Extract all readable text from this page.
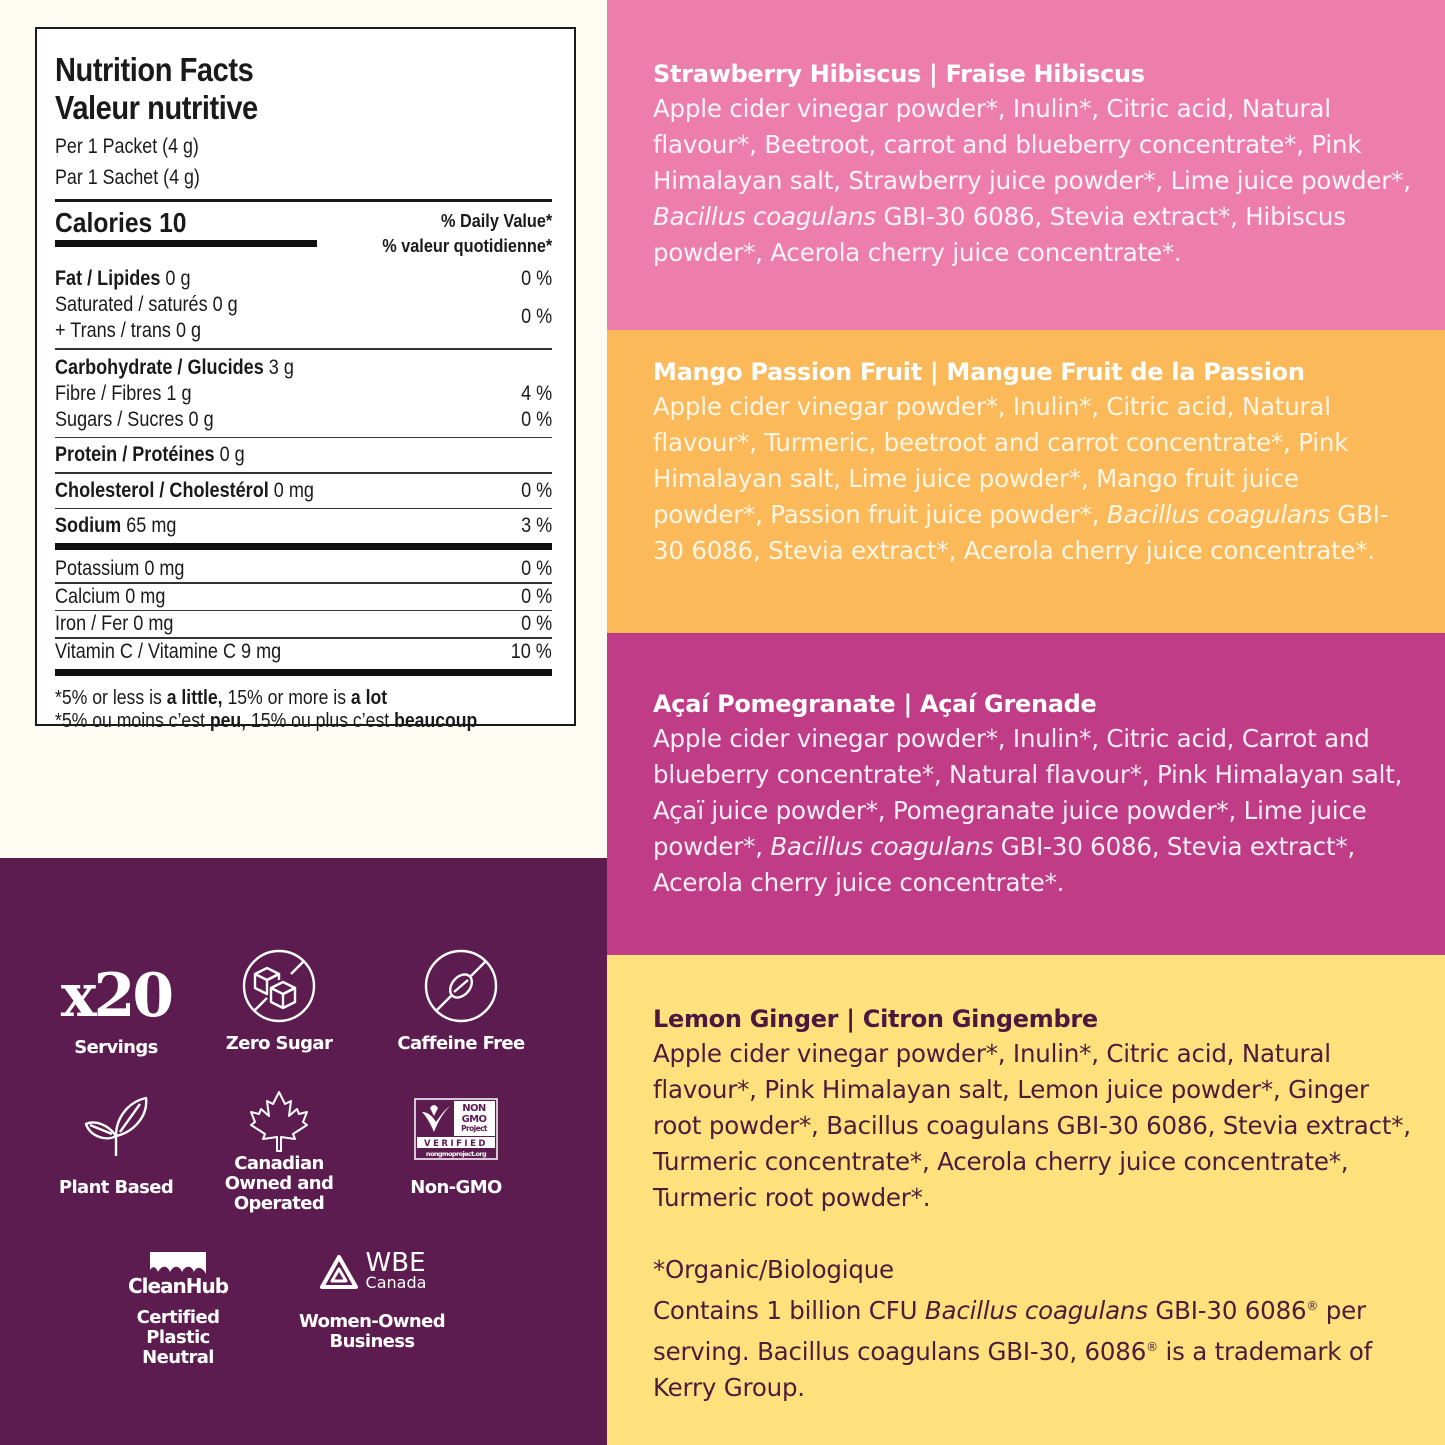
Nutrition Facts
Valeur nutritive
Per 1 Packet (4 g)
Par 1 Sachet (4 g)
Calories 10	% Daily Value*
% valeur quotidienne*
Fat / Lipides 0 g	0 %
Saturated / saturés 0 g
+ Trans / trans 0 g
0 %
Carbohydrate / Glucides 3 g
Fibre / Fibres 1 g	4 %
Sugars / Sucres 0 g	0 %
Protein / Protéines 0 g
Cholesterol / Cholestérol 0 mg	0 %
Sodium 65 mg	3 %
Potassium 0 mg	0 %
Calcium 0 mg	0 %
Iron / Fer 0 mg	0 %
Vitamin C / Vitamine C 9 mg	10 %
*5% or less is a little, 15% or more is a lot
*5% ou moins c’est peu, 15% ou plus c’est beaucoup
x20
Servings	Zero Sugar	Caffeine Free
Plant Based
Canadian
Owned and
Operated
NON
GMO
Project
VERIFIED
nongmoproject.org
Non-GMO
CleanHub
Certified
Plastic Neutral
WBE
Canada
Women-Owned
Business
Strawberry Hibiscus | Fraise Hibiscus

Apple cider vinegar powder*, Inulin*, Citric acid, Natural flavour*, Beetroot, carrot and blueberry concentrate*, Pink Himalayan salt, Strawberry juice powder*, Lime juice powder*, Bacillus coagulans GBI-30 6086, Stevia extract*, Hibiscus powder*, Acerola cherry juice concentrate*.

Mango Passion Fruit | Mangue Fruit de la Passion

Apple cider vinegar powder*, Inulin*, Citric acid, Natural flavour*, Turmeric, beetroot and carrot concentrate*, Pink Himalayan salt, Lime juice powder*, Mango fruit juice powder*, Passion fruit juice powder*, Bacillus coagulans GBI-30 6086, Stevia extract*, Acerola cherry juice concentrate*.

Açaí Pomegranate | Açaí Grenade

Apple cider vinegar powder*, Inulin*, Citric acid, Carrot and blueberry concentrate*, Natural flavour*, Pink Himalayan salt, Açaï juice powder*, Pomegranate juice powder*, Lime juice powder*, Bacillus coagulans GBI-30 6086, Stevia extract*, Acerola cherry juice concentrate*.

Lemon Ginger | Citron Gingembre

Apple cider vinegar powder*, Inulin*, Citric acid, Natural flavour*, Pink Himalayan salt, Lemon juice powder*, Ginger root powder*, Bacillus coagulans GBI-30 6086, Stevia extract*, Turmeric concentrate*, Acerola cherry juice concentrate*, Turmeric root powder*.

*Organic/Biologique

Contains 1 billion CFU Bacillus coagulans GBI-30 6086® per serving. Bacillus coagulans GBI-30, 6086® is a trademark of Kerry Group.
